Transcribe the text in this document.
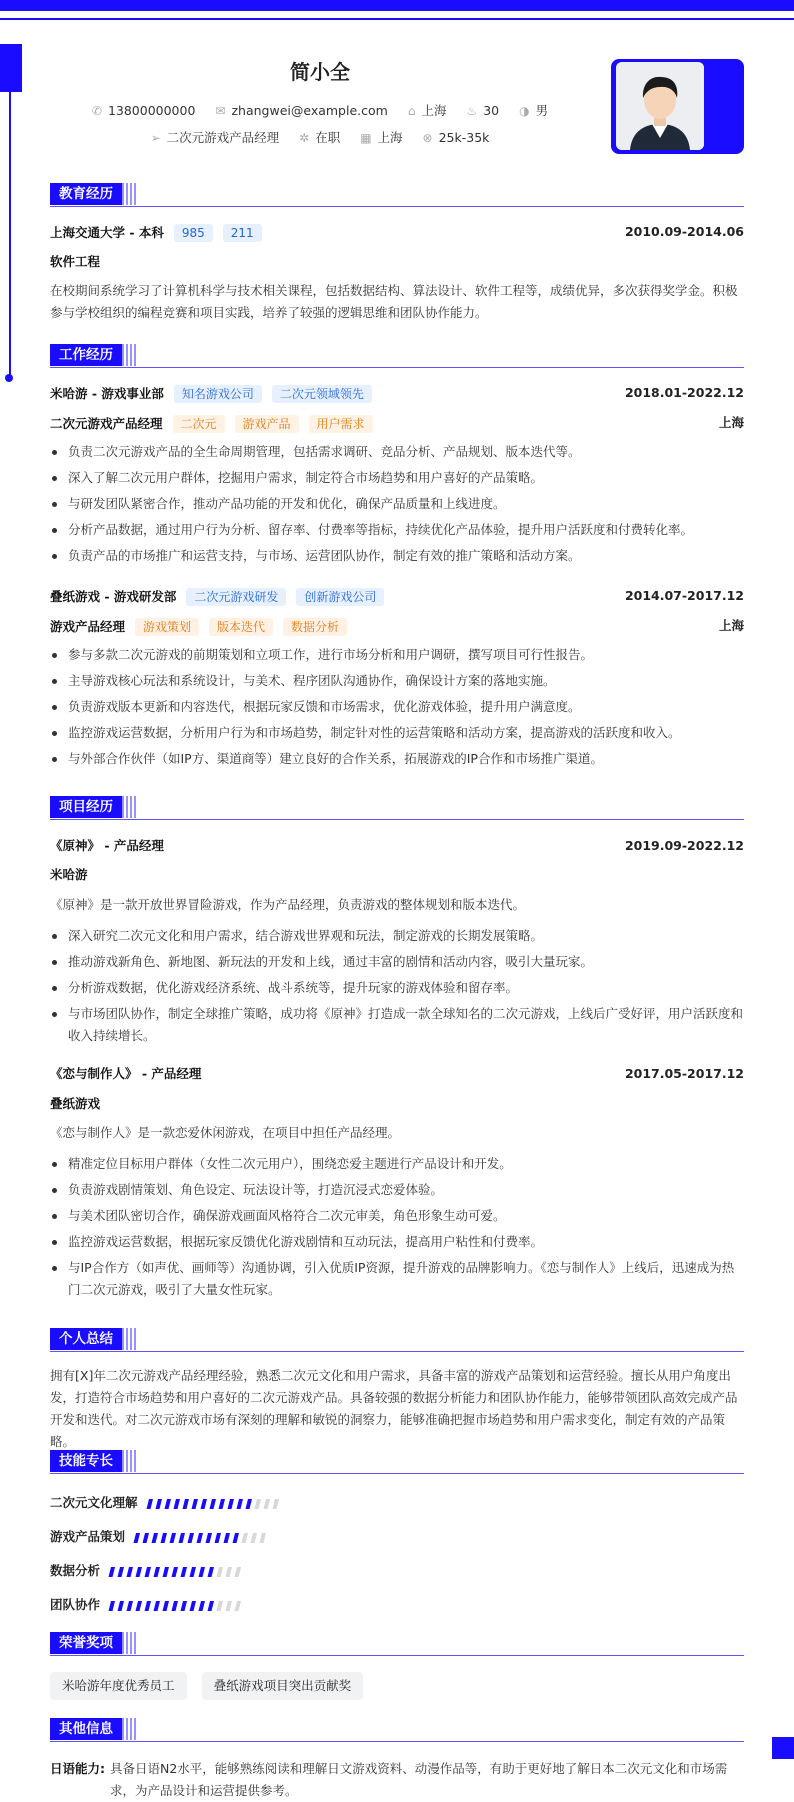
简小全
✆ 13800000000 ✉ zhangwei@example.com ⌂ 上海 ♨ 30 ◑ 男
➢ 二次元游戏产品经理 ✲ 在职 ▦ 上海 ⊗ 25k-35k
教育经历
上海交通大学 - 本科 985 211	2010.09-2014.06
软件工程
在校期间系统学习了计算机科学与技术相关课程，包括数据结构、算法设计、软件工程等，成绩优异，多次获得奖学金。积极参与学校组织的编程竞赛和项目实践，培养了较强的逻辑思维和团队协作能力。
工作经历
米哈游 - 游戏事业部 知名游戏公司 二次元领域领先	2018.01-2022.12
二次元游戏产品经理 二次元 游戏产品 用户需求	上海
负责二次元游戏产品的全生命周期管理，包括需求调研、竞品分析、产品规划、版本迭代等。
深入了解二次元用户群体，挖掘用户需求，制定符合市场趋势和用户喜好的产品策略。
与研发团队紧密合作，推动产品功能的开发和优化，确保产品质量和上线进度。
分析产品数据，通过用户行为分析、留存率、付费率等指标，持续优化产品体验，提升用户活跃度和付费转化率。
负责产品的市场推广和运营支持，与市场、运营团队协作，制定有效的推广策略和活动方案。
叠纸游戏 - 游戏研发部 二次元游戏研发 创新游戏公司	2014.07-2017.12
游戏产品经理 游戏策划 版本迭代 数据分析	上海
参与多款二次元游戏的前期策划和立项工作，进行市场分析和用户调研，撰写项目可行性报告。
主导游戏核心玩法和系统设计，与美术、程序团队沟通协作，确保设计方案的落地实施。
负责游戏版本更新和内容迭代，根据玩家反馈和市场需求，优化游戏体验，提升用户满意度。
监控游戏运营数据，分析用户行为和市场趋势，制定针对性的运营策略和活动方案，提高游戏的活跃度和收入。
与外部合作伙伴（如IP方、渠道商等）建立良好的合作关系，拓展游戏的IP合作和市场推广渠道。
项目经历
《原神》 - 产品经理	2019.09-2022.12
米哈游
《原神》是一款开放世界冒险游戏，作为产品经理，负责游戏的整体规划和版本迭代。
深入研究二次元文化和用户需求，结合游戏世界观和玩法，制定游戏的长期发展策略。
推动游戏新角色、新地图、新玩法的开发和上线，通过丰富的剧情和活动内容，吸引大量玩家。
分析游戏数据，优化游戏经济系统、战斗系统等，提升玩家的游戏体验和留存率。
与市场团队协作，制定全球推广策略，成功将《原神》打造成一款全球知名的二次元游戏，上线后广受好评，用户活跃度和收入持续增长。
《恋与制作人》 - 产品经理	2017.05-2017.12
叠纸游戏
《恋与制作人》是一款恋爱休闲游戏，在项目中担任产品经理。
精准定位目标用户群体（女性二次元用户），围绕恋爱主题进行产品设计和开发。
负责游戏剧情策划、角色设定、玩法设计等，打造沉浸式恋爱体验。
与美术团队密切合作，确保游戏画面风格符合二次元审美，角色形象生动可爱。
监控游戏运营数据，根据玩家反馈优化游戏剧情和互动玩法，提高用户粘性和付费率。
与IP合作方（如声优、画师等）沟通协调，引入优质IP资源，提升游戏的品牌影响力。《恋与制作人》上线后，迅速成为热门二次元游戏，吸引了大量女性玩家。
个人总结
拥有[X]年二次元游戏产品经理经验，熟悉二次元文化和用户需求，具备丰富的游戏产品策划和运营经验。擅长从用户角度出发，打造符合市场趋势和用户喜好的二次元游戏产品。具备较强的数据分析能力和团队协作能力，能够带领团队高效完成产品开发和迭代。对二次元游戏市场有深刻的理解和敏锐的洞察力，能够准确把握市场趋势和用户需求变化，制定有效的产品策略。
技能专长
二次元文化理解
游戏产品策划
数据分析
团队协作
荣誉奖项
米哈游年度优秀员工	叠纸游戏项目突出贡献奖
其他信息
日语能力: 具备日语N2水平，能够熟练阅读和理解日文游戏资料、动漫作品等，有助于更好地了解日本二次元文化和市场需求，为产品设计和运营提供参考。
